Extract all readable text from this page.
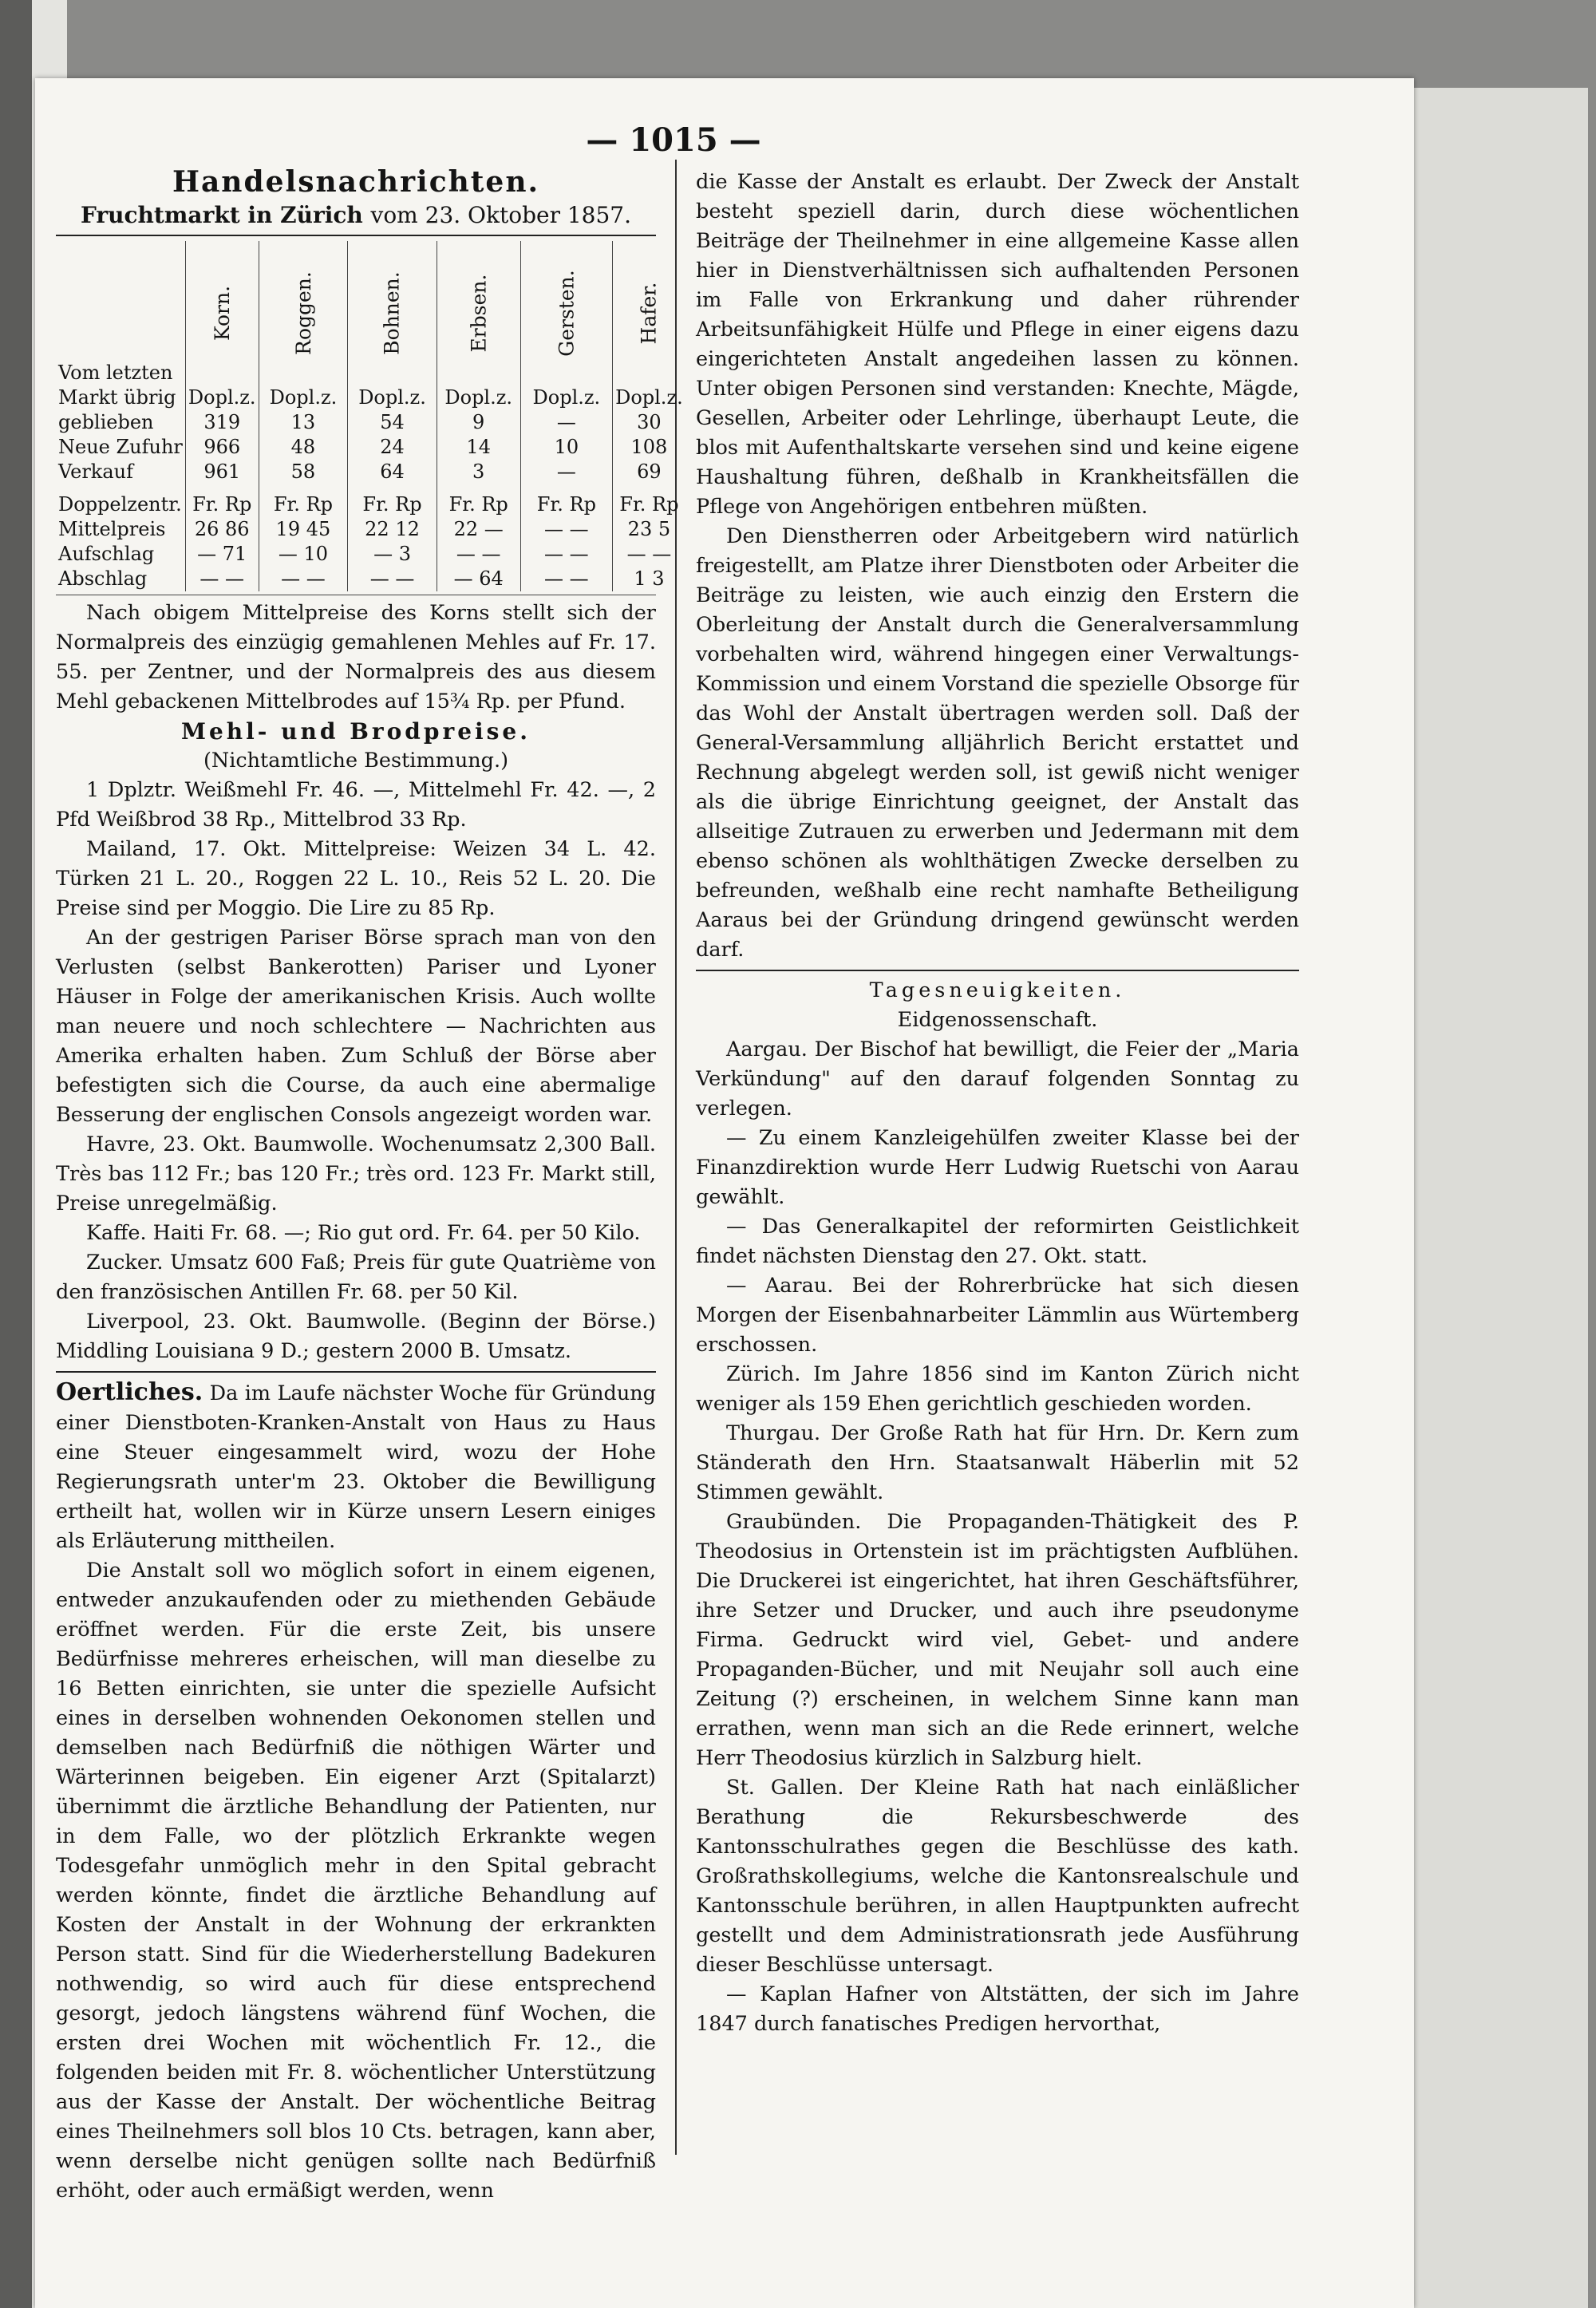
— 1015 —

Handelsnachrichten.

Fruchtmarkt in Zürich vom 23. Oktober 1857.

	Korn.	Roggen.	Bohnen.	Erbsen.	Gersten.	Hafer.
Vom letzten						
Markt übrig	Dopl.z.	Dopl.z.	Dopl.z.	Dopl.z.	Dopl.z.	Dopl.z.
geblieben	319	13	54	9	—	30
Neue Zufuhr	966	48	24	14	10	108
Verkauf	961	58	64	3	—	69
Doppelzentr.	Fr. Rp	Fr. Rp	Fr. Rp	Fr. Rp	Fr. Rp	Fr. Rp
Mittelpreis	26 86	19 45	22 12	22 —	— —	23 5
Aufschlag	— 71	— 10	— 3	— —	— —	— —
Abschlag	— —	— —	— —	— 64	— —	1 3

Nach obigem Mittelpreise des Korns stellt sich der Normalpreis des einzügig gemahlenen Mehles auf Fr. 17. 55. per Zentner, und der Normalpreis des aus diesem Mehl gebackenen Mittelbrodes auf 15¾ Rp. per Pfund.

Mehl- und Brodpreise.

(Nichtamtliche Bestimmung.)

1 Dplztr. Weißmehl Fr. 46. —, Mittelmehl Fr. 42. —, 2 Pfd Weißbrod 38 Rp., Mittelbrod 33 Rp.

Mailand, 17. Okt. Mittelpreise: Weizen 34 L. 42. Türken 21 L. 20., Roggen 22 L. 10., Reis 52 L. 20. Die Preise sind per Moggio. Die Lire zu 85 Rp.

An der gestrigen Pariser Börse sprach man von den Verlusten (selbst Bankerotten) Pariser und Lyoner Häuser in Folge der amerikanischen Krisis. Auch wollte man neuere und noch schlechtere — Nachrichten aus Amerika erhalten haben. Zum Schluß der Börse aber befestigten sich die Course, da auch eine abermalige Besserung der englischen Consols angezeigt worden war.

Havre, 23. Okt. Baumwolle. Wochenumsatz 2,300 Ball. Très bas 112 Fr.; bas 120 Fr.; très ord. 123 Fr. Markt still, Preise unregelmäßig.

Kaffe. Haiti Fr. 68. —; Rio gut ord. Fr. 64. per 50 Kilo.

Zucker. Umsatz 600 Faß; Preis für gute Quatrième von den französischen Antillen Fr. 68. per 50 Kil.

Liverpool, 23. Okt. Baumwolle. (Beginn der Börse.) Middling Louisiana 9 D.; gestern 2000 B. Umsatz.

Oertliches. Da im Laufe nächster Woche für Gründung einer Dienstboten-Kranken-Anstalt von Haus zu Haus eine Steuer eingesammelt wird, wozu der Hohe Regierungsrath unter'm 23. Oktober die Bewilligung ertheilt hat, wollen wir in Kürze unsern Lesern einiges als Erläuterung mittheilen.

Die Anstalt soll wo möglich sofort in einem eigenen, entweder anzukaufenden oder zu miethenden Gebäude eröffnet werden. Für die erste Zeit, bis unsere Bedürfnisse mehreres erheischen, will man dieselbe zu 16 Betten einrichten, sie unter die spezielle Aufsicht eines in derselben wohnenden Oekonomen stellen und demselben nach Bedürfniß die nöthigen Wärter und Wärterinnen beigeben. Ein eigener Arzt (Spitalarzt) übernimmt die ärztliche Behandlung der Patienten, nur in dem Falle, wo der plötzlich Erkrankte wegen Todesgefahr unmöglich mehr in den Spital gebracht werden könnte, findet die ärztliche Behandlung auf Kosten der Anstalt in der Wohnung der erkrankten Person statt. Sind für die Wiederherstellung Badekuren nothwendig, so wird auch für diese entsprechend gesorgt, jedoch längstens während fünf Wochen, die ersten drei Wochen mit wöchentlich Fr. 12., die folgenden beiden mit Fr. 8. wöchentlicher Unterstützung aus der Kasse der Anstalt. Der wöchentliche Beitrag eines Theilnehmers soll blos 10 Cts. betragen, kann aber, wenn derselbe nicht genügen sollte nach Bedürfniß erhöht, oder auch ermäßigt werden, wenn

die Kasse der Anstalt es erlaubt. Der Zweck der Anstalt besteht speziell darin, durch diese wöchentlichen Beiträge der Theilnehmer in eine allgemeine Kasse allen hier in Dienstverhältnissen sich aufhaltenden Personen im Falle von Erkrankung und daher rührender Arbeitsunfähigkeit Hülfe und Pflege in einer eigens dazu eingerichteten Anstalt angedeihen lassen zu können. Unter obigen Personen sind verstanden: Knechte, Mägde, Gesellen, Arbeiter oder Lehrlinge, überhaupt Leute, die blos mit Aufenthaltskarte versehen sind und keine eigene Haushaltung führen, deßhalb in Krankheitsfällen die Pflege von Angehörigen entbehren müßten.

Den Dienstherren oder Arbeitgebern wird natürlich freigestellt, am Platze ihrer Dienstboten oder Arbeiter die Beiträge zu leisten, wie auch einzig den Erstern die Oberleitung der Anstalt durch die Generalversammlung vorbehalten wird, während hingegen einer Verwaltungs-Kommission und einem Vorstand die spezielle Obsorge für das Wohl der Anstalt übertragen werden soll. Daß der General-Versammlung alljährlich Bericht erstattet und Rechnung abgelegt werden soll, ist gewiß nicht weniger als die übrige Einrichtung geeignet, der Anstalt das allseitige Zutrauen zu erwerben und Jedermann mit dem ebenso schönen als wohlthätigen Zwecke derselben zu befreunden, weßhalb eine recht namhafte Betheiligung Aaraus bei der Gründung dringend gewünscht werden darf.

Tagesneuigkeiten.

Eidgenossenschaft.

Aargau. Der Bischof hat bewilligt, die Feier der „Maria Verkündung" auf den darauf folgenden Sonntag zu verlegen.

— Zu einem Kanzleigehülfen zweiter Klasse bei der Finanzdirektion wurde Herr Ludwig Ruetschi von Aarau gewählt.

— Das Generalkapitel der reformirten Geistlichkeit findet nächsten Dienstag den 27. Okt. statt.

— Aarau. Bei der Rohrerbrücke hat sich diesen Morgen der Eisenbahnarbeiter Lämmlin aus Würtemberg erschossen.

Zürich. Im Jahre 1856 sind im Kanton Zürich nicht weniger als 159 Ehen gerichtlich geschieden worden.

Thurgau. Der Große Rath hat für Hrn. Dr. Kern zum Ständerath den Hrn. Staatsanwalt Häberlin mit 52 Stimmen gewählt.

Graubünden. Die Propaganden-Thätigkeit des P. Theodosius in Ortenstein ist im prächtigsten Aufblühen. Die Druckerei ist eingerichtet, hat ihren Geschäftsführer, ihre Setzer und Drucker, und auch ihre pseudonyme Firma. Gedruckt wird viel, Gebet- und andere Propaganden-Bücher, und mit Neujahr soll auch eine Zeitung (?) erscheinen, in welchem Sinne kann man errathen, wenn man sich an die Rede erinnert, welche Herr Theodosius kürzlich in Salzburg hielt.

St. Gallen. Der Kleine Rath hat nach einläßlicher Berathung die Rekursbeschwerde des Kantonsschulrathes gegen die Beschlüsse des kath. Großrathskollegiums, welche die Kantonsrealschule und Kantonsschule berühren, in allen Hauptpunkten aufrecht gestellt und dem Administrationsrath jede Ausführung dieser Beschlüsse untersagt.

— Kaplan Hafner von Altstätten, der sich im Jahre 1847 durch fanatisches Predigen hervorthat,
